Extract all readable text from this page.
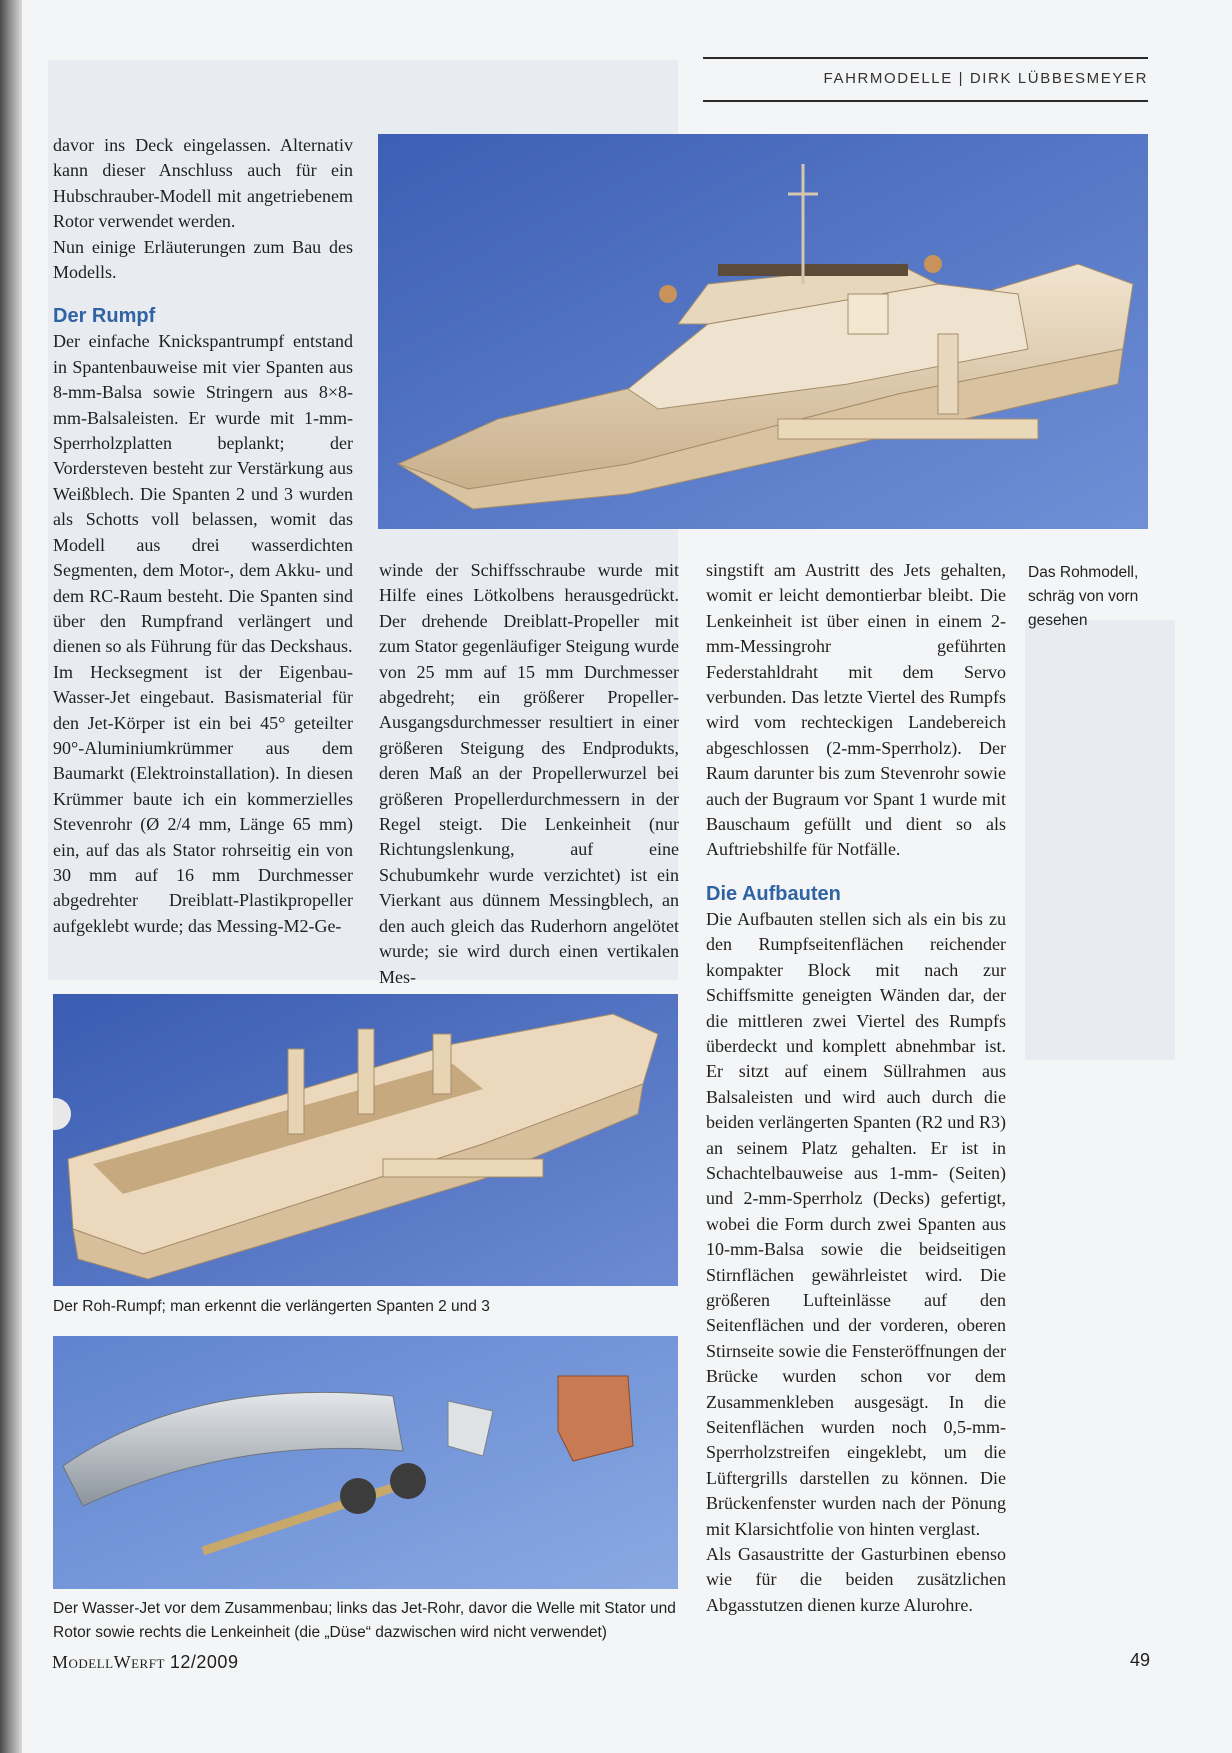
FAHRMODELLE | DIRK LÜBBESMEYER

davor ins Deck eingelassen. Alternativ kann dieser Anschluss auch für ein Hubschrauber-Modell mit angetriebenem Rotor verwendet werden.

Nun einige Erläuterungen zum Bau des Modells.

Der Rumpf

Der einfache Knickspantrumpf entstand in Spantenbauweise mit vier Spanten aus 8-mm-Balsa sowie Stringern aus 8×8-mm-Balsaleisten. Er wurde mit 1-mm-Sperrholzplatten beplankt; der Vordersteven besteht zur Verstärkung aus Weißblech. Die Spanten 2 und 3 wurden als Schotts voll belassen, womit das Modell aus drei wasserdichten Segmenten, dem Motor-, dem Akku- und dem RC-Raum besteht. Die Spanten sind über den Rumpfrand verlängert und dienen so als Führung für das Deckshaus.

Im Hecksegment ist der Eigenbau-Wasser-Jet eingebaut. Basismaterial für den Jet-Körper ist ein bei 45° geteilter 90°-Aluminiumkrümmer aus dem Baumarkt (Elektroinstallation). In diesen Krümmer baute ich ein kommerzielles Stevenrohr (Ø 2/4 mm, Länge 65 mm) ein, auf das als Stator rohrseitig ein von 30 mm auf 16 mm Durchmesser abgedrehter Dreiblatt-Plastikpropeller aufgeklebt wurde; das Messing-M2-Ge-

winde der Schiffsschraube wurde mit Hilfe eines Lötkolbens herausgedrückt. Der drehende Dreiblatt-Propeller mit zum Stator gegenläufiger Steigung wurde von 25 mm auf 15 mm Durchmesser abgedreht; ein größerer Propeller-Ausgangsdurchmesser resultiert in einer größeren Steigung des Endprodukts, deren Maß an der Propellerwurzel bei größeren Propellerdurchmessern in der Regel steigt. Die Lenkeinheit (nur Richtungslenkung, auf eine Schubumkehr wurde verzichtet) ist ein Vierkant aus dünnem Messingblech, an den auch gleich das Ruderhorn angelötet wurde; sie wird durch einen vertikalen Mes-

singstift am Austritt des Jets gehalten, womit er leicht demontierbar bleibt. Die Lenkeinheit ist über einen in einem 2-mm-Messingrohr geführten Federstahldraht mit dem Servo verbunden. Das letzte Viertel des Rumpfs wird vom rechteckigen Landebereich abgeschlossen (2-mm-Sperrholz). Der Raum darunter bis zum Stevenrohr sowie auch der Bugraum vor Spant 1 wurde mit Bauschaum gefüllt und dient so als Auftriebshilfe für Notfälle.

Die Aufbauten

Die Aufbauten stellen sich als ein bis zu den Rumpfseitenflächen reichender kompakter Block mit nach zur Schiffsmitte geneigten Wänden dar, der die mittleren zwei Viertel des Rumpfs überdeckt und komplett abnehmbar ist. Er sitzt auf einem Süllrahmen aus Balsaleisten und wird auch durch die beiden verlängerten Spanten (R2 und R3) an seinem Platz gehalten. Er ist in Schachtelbauweise aus 1-mm- (Seiten) und 2-mm-Sperrholz (Decks) gefertigt, wobei die Form durch zwei Spanten aus 10-mm-Balsa sowie die beidseitigen Stirnflächen gewährleistet wird. Die größeren Lufteinlässe auf den Seitenflächen und der vorderen, oberen Stirnseite sowie die Fensteröffnungen der Brücke wurden schon vor dem Zusammenkleben ausgesägt. In die Seitenflächen wurden noch 0,5-mm-Sperrholzstreifen eingeklebt, um die Lüftergrills darstellen zu können. Die Brückenfenster wurden nach der Pönung mit Klarsichtfolie von hinten verglast.

Als Gasaustritte der Gasturbinen ebenso wie für die beiden zusätzlichen Abgasstutzen dienen kurze Alurohre.

Das Rohmodell, schräg von vorn gesehen
Der Roh-Rumpf; man erkennt die verlängerten Spanten 2 und 3
Der Wasser-Jet vor dem Zusammenbau; links das Jet-Rohr, davor die Welle mit Stator und Rotor sowie rechts die Lenkeinheit (die „Düse“ dazwischen wird nicht verwendet)
ModellWerft 12/2009	49
